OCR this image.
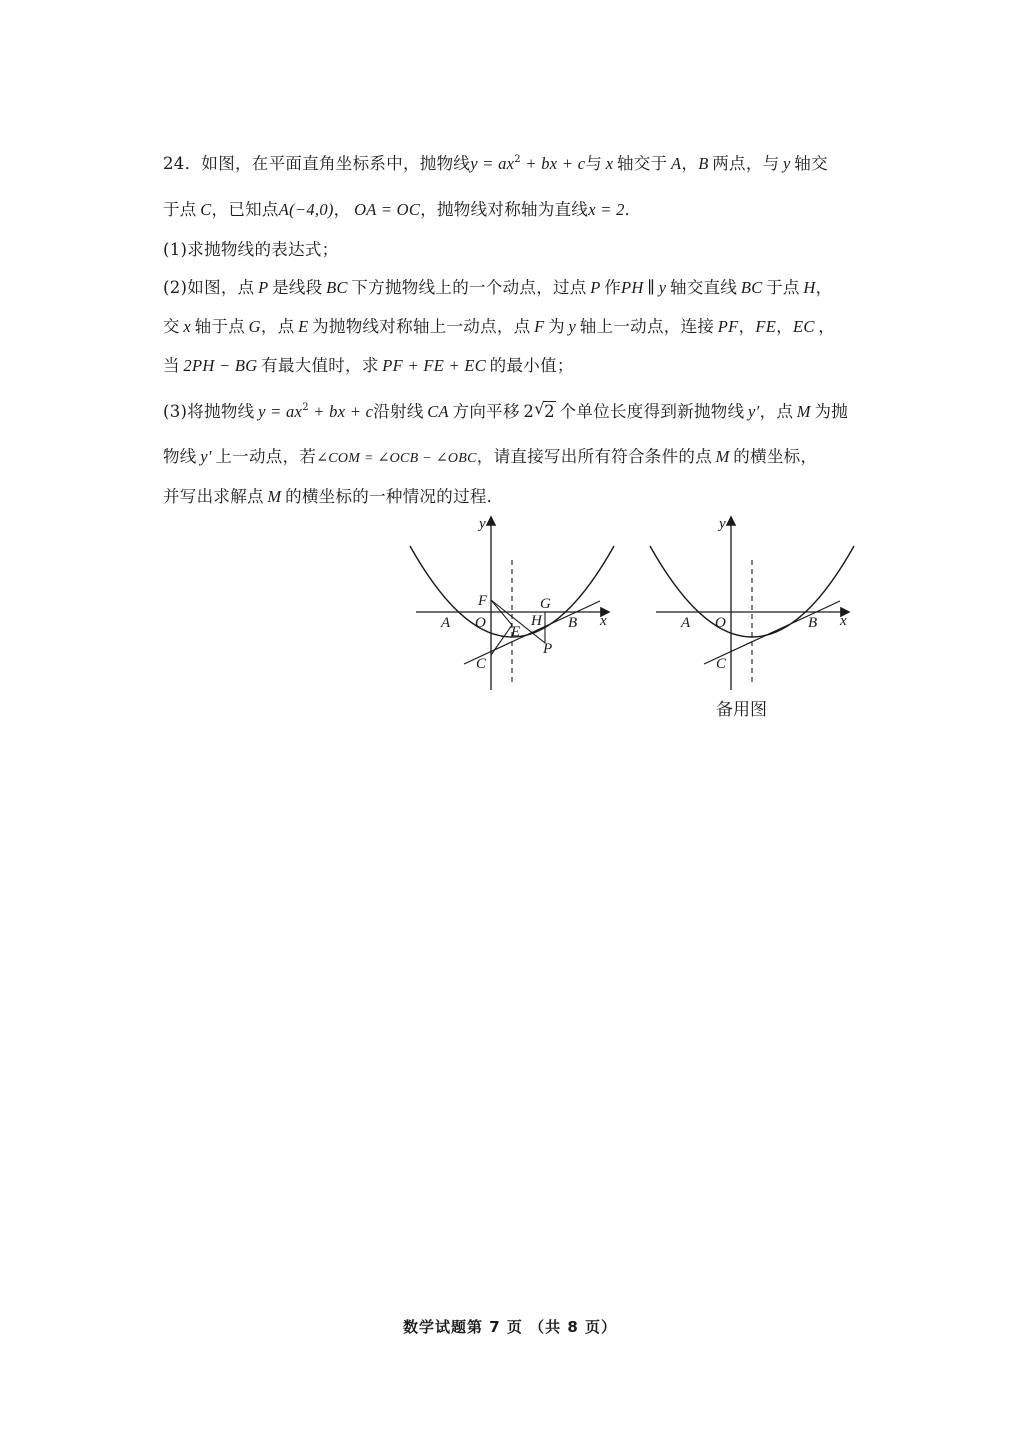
24．如图，在平面直角坐标系中，抛物线$y = ax^2$ + bx + c与  x  轴交于  A，B  两点，与  y  轴交
于点  C，已知点A(−4,0)，  OA = OC，抛物线对称轴为直线x = 2．
(1)求抛物线的表达式；
(2)如图，点  P  是线段  BC  下方抛物线上的一个动点，过点  P  作PH  ∥  y  轴交直线  BC  于点  H，
交  x  轴于点  G，点  E  为抛物线对称轴上一动点，点  F  为  y  轴上一动点，连接  PF，FE，EC  ，
当  2PH − BG  有最大值时，求  PF + FE + EC  的最小值；
(3)将抛物线  $y = ax^2$ + bx + c沿射线  CA  方向平移  2 √ 2  个单位长度得到新抛物线  y′，点  M  为抛
物线  y′  上一动点，若∠COM = ∠OCB − ∠OBC，请直接写出所有符合条件的点  M  的横坐标，
并写出求解点  M  的横坐标的一种情况的过程．
y
x
F	G
A O
E
H B
C
P
y
x
A O	B
C
备用图
数学试题第 7 页 （共 8 页）
